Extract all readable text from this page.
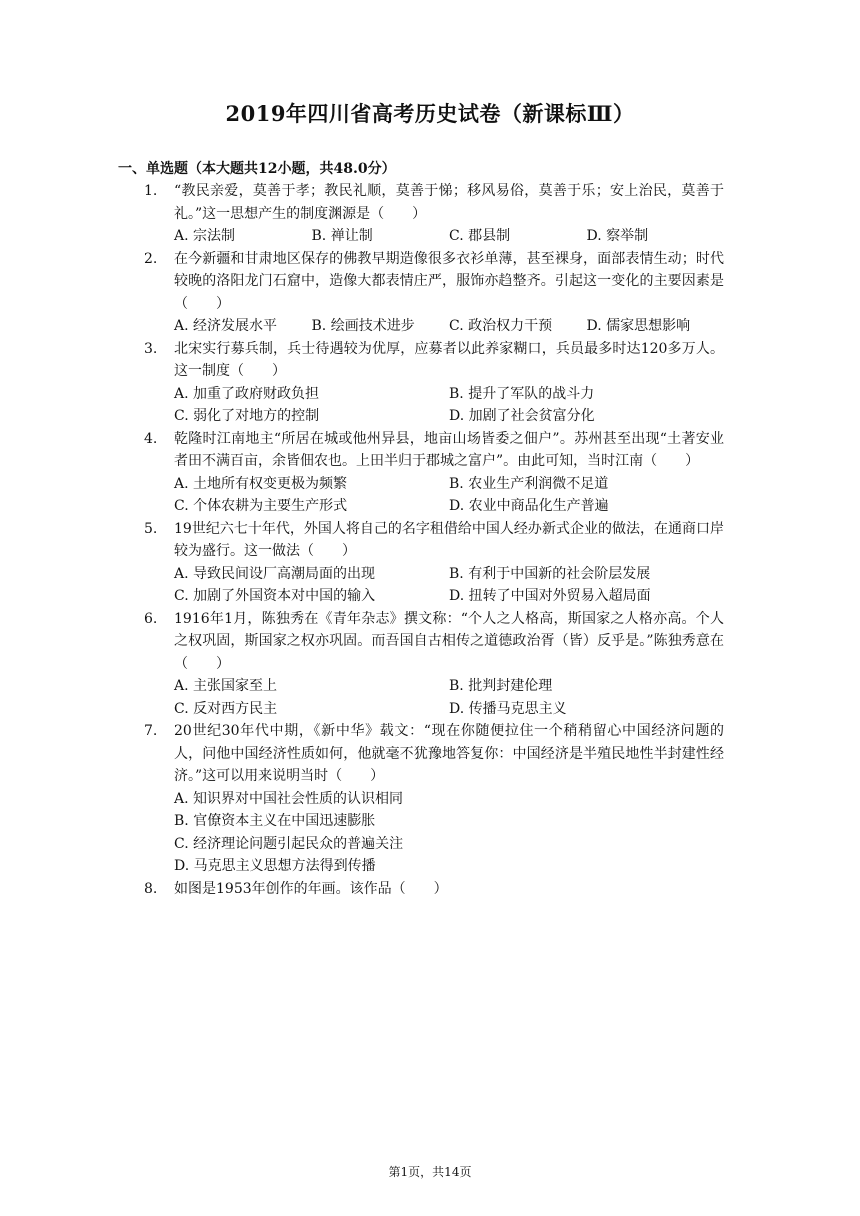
2019年四川省高考历史试卷（新课标Ⅲ）
一、单选题（本大题共12小题，共48.0分）
1. “教民亲爱，莫善于孝；教民礼顺，莫善于悌；移风易俗，莫善于乐；安上治民，莫善于礼。”这一思想产生的制度渊源是（　　）
A. 宗法制	B. 禅让制	C. 郡县制	D. 察举制
2. 在今新疆和甘肃地区保存的佛教早期造像很多衣衫单薄，甚至裸身，面部表情生动；时代较晚的洛阳龙门石窟中，造像大都表情庄严，服饰亦趋整齐。引起这一变化的主要因素是（　　）
A. 经济发展水平	B. 绘画技术进步	C. 政治权力干预	D. 儒家思想影响
3. 北宋实行募兵制，兵士待遇较为优厚，应募者以此养家糊口，兵员最多时达120多万人。这一制度（　　）
A. 加重了政府财政负担	B. 提升了军队的战斗力
C. 弱化了对地方的控制	D. 加剧了社会贫富分化
4. 乾隆时江南地主“所居在城或他州异县，地亩山场皆委之佃户”。苏州甚至出现“土著安业者田不满百亩，余皆佃农也。上田半归于郡城之富户”。由此可知，当时江南（　　）
A. 土地所有权变更极为频繁	B. 农业生产利润微不足道
C. 个体农耕为主要生产形式	D. 农业中商品化生产普遍
5. 19世纪六七十年代，外国人将自己的名字租借给中国人经办新式企业的做法，在通商口岸较为盛行。这一做法（　　）
A. 导致民间设厂高潮局面的出现	B. 有利于中国新的社会阶层发展
C. 加剧了外国资本对中国的输入	D. 扭转了中国对外贸易入超局面
6. 1916年1月，陈独秀在《青年杂志》撰文称：“个人之人格高，斯国家之人格亦高。个人之权巩固，斯国家之权亦巩固。而吾国自古相传之道德政治胥（皆）反乎是。”陈独秀意在（　　）
A. 主张国家至上	B. 批判封建伦理
C. 反对西方民主	D. 传播马克思主义
7. 20世纪30年代中期，《新中华》载文：“现在你随便拉住一个稍稍留心中国经济问题的人，问他中国经济性质如何，他就毫不犹豫地答复你：中国经济是半殖民地性半封建性经济。”这可以用来说明当时（　　）
A. 知识界对中国社会性质的认识相同
B. 官僚资本主义在中国迅速膨胀
C. 经济理论问题引起民众的普遍关注
D. 马克思主义思想方法得到传播
8. 如图是1953年创作的年画。该作品（　　）
第1页，共14页
